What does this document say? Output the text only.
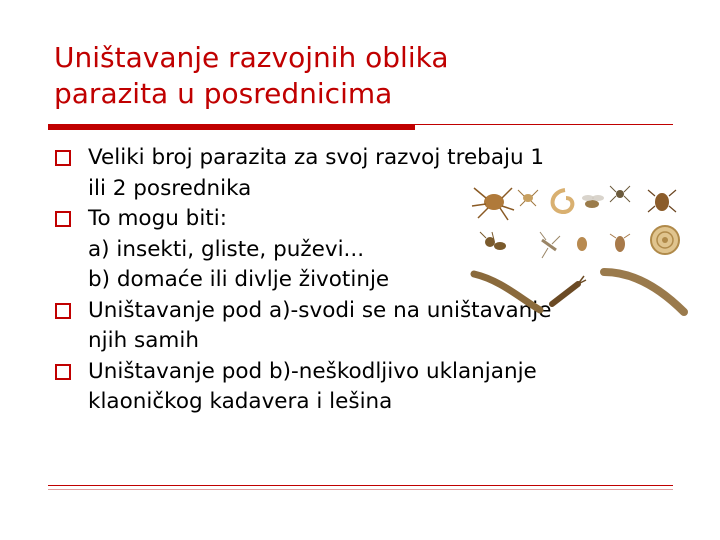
Uništavanje razvojnih oblika
parazita u posrednicima
Veliki broj parazita za svoj razvoj trebaju 1
ili 2 posrednika
To mogu biti:
a) insekti, gliste, puževi...
b) domaće ili divlje životinje
Uništavanje pod a)-svodi se na uništavanje
njih samih
Uništavanje pod b)-neškodljivo uklanjanje
klaoničkog kadavera i lešina
